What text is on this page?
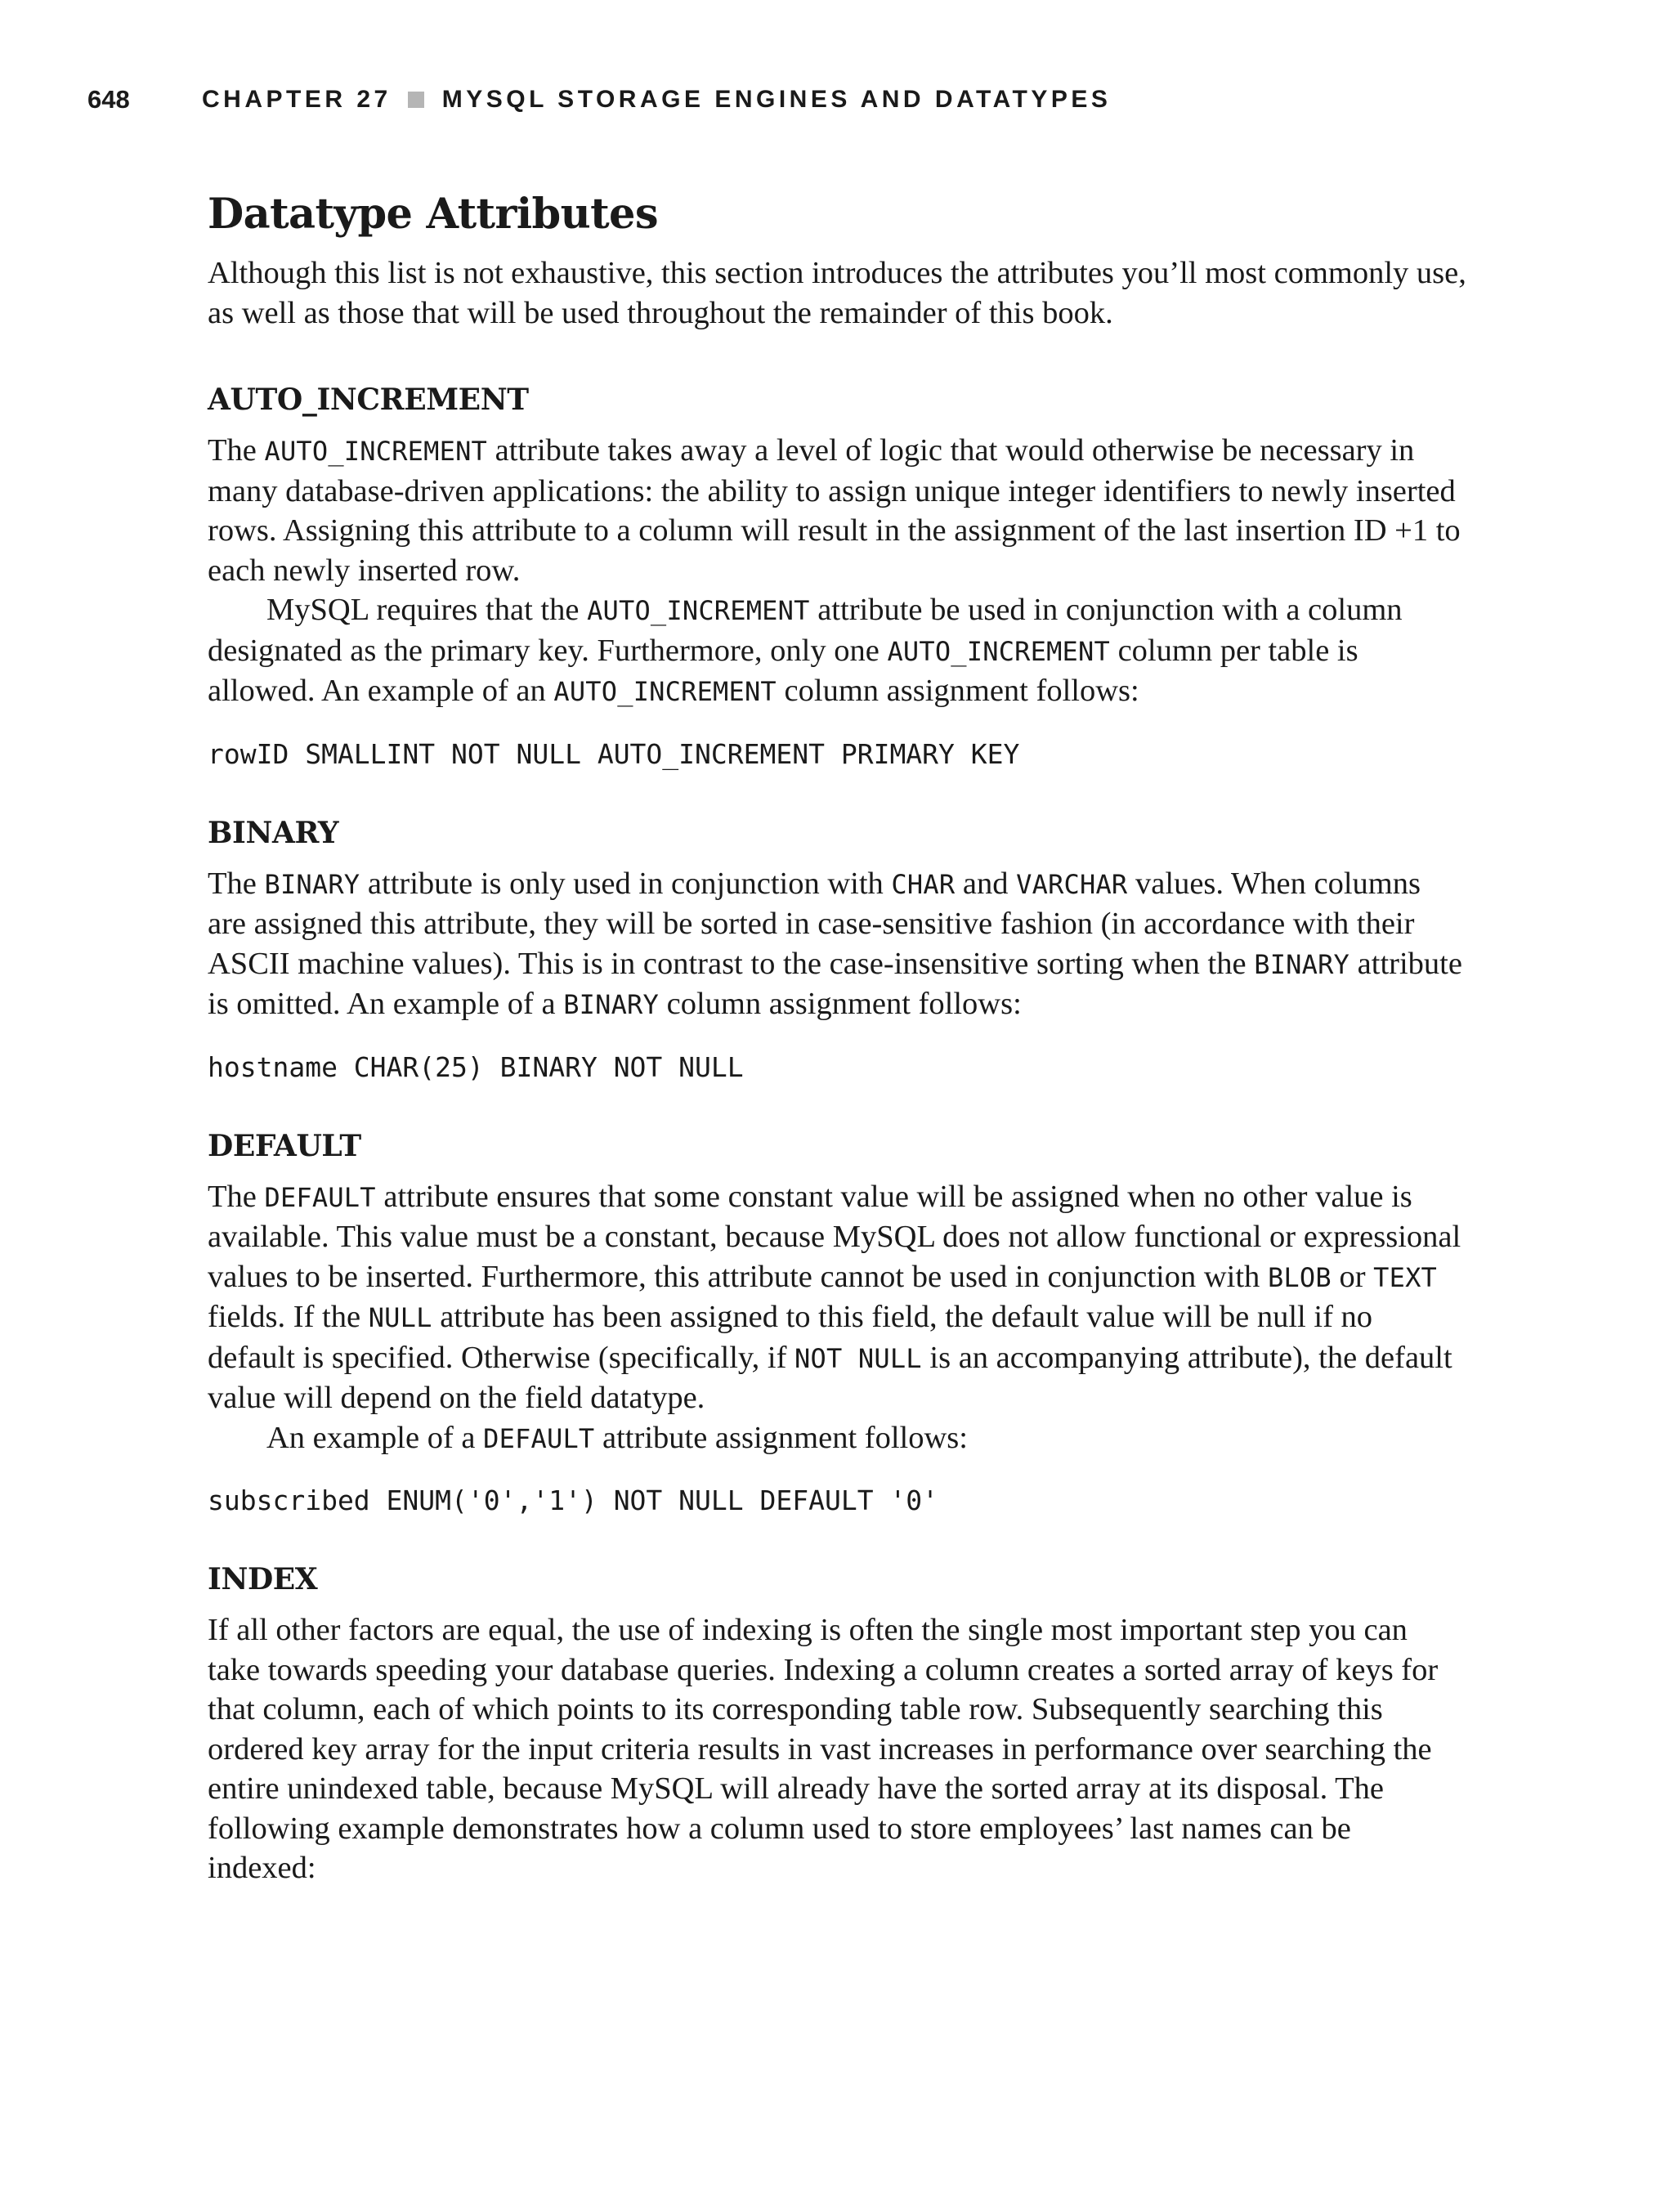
648	CHAPTER 27 MYSQL STORAGE ENGINES AND DATATYPES
Datatype Attributes

Although this list is not exhaustive, this section introduces the attributes you’ll most commonly use, as well as those that will be used throughout the remainder of this book.

AUTO_INCREMENT

The AUTO_INCREMENT attribute takes away a level of logic that would otherwise be necessary in many database-driven applications: the ability to assign unique integer identifiers to newly inserted rows. Assigning this attribute to a column will result in the assignment of the last insertion ID +1 to each newly inserted row.

MySQL requires that the AUTO_INCREMENT attribute be used in conjunction with a column designated as the primary key. Furthermore, only one AUTO_INCREMENT column per table is allowed. An example of an AUTO_INCREMENT column assignment follows:

rowID SMALLINT NOT NULL AUTO_INCREMENT PRIMARY KEY
BINARY

The BINARY attribute is only used in conjunction with CHAR and VARCHAR values. When columns are assigned this attribute, they will be sorted in case-sensitive fashion (in accordance with their ASCII machine values). This is in contrast to the case-insensitive sorting when the BINARY attribute is omitted. An example of a BINARY column assignment follows:

hostname CHAR(25) BINARY NOT NULL
DEFAULT

The DEFAULT attribute ensures that some constant value will be assigned when no other value is available. This value must be a constant, because MySQL does not allow functional or expressional values to be inserted. Furthermore, this attribute cannot be used in conjunction with BLOB or TEXT fields. If the NULL attribute has been assigned to this field, the default value will be null if no default is specified. Otherwise (specifically, if NOT NULL is an accompanying attribute), the default value will depend on the field datatype.

An example of a DEFAULT attribute assignment follows:

subscribed ENUM('0','1') NOT NULL DEFAULT '0'
INDEX

If all other factors are equal, the use of indexing is often the single most important step you can take towards speeding your database queries. Indexing a column creates a sorted array of keys for that column, each of which points to its corresponding table row. Subsequently searching this ordered key array for the input criteria results in vast increases in performance over searching the entire unindexed table, because MySQL will already have the sorted array at its disposal. The following example demonstrates how a column used to store employees’ last names can be indexed:
